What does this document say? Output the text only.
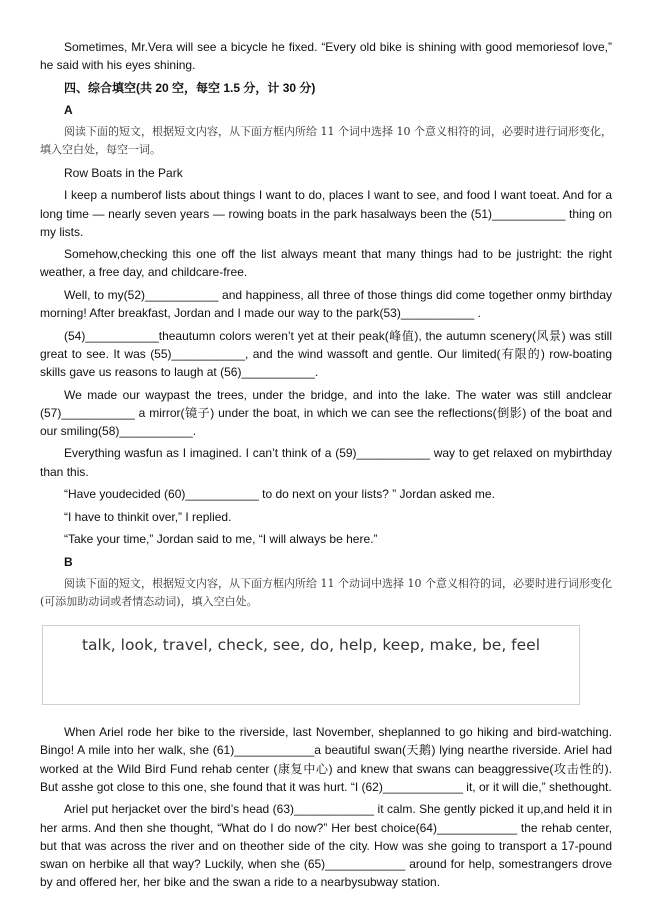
Sometimes, Mr.Vera will see a bicycle he fixed. “Every old bike is shining with good memoriesof love,” he said with his eyes shining.

四、综合填空(共 20 空，每空 1.5 分，计 30 分)

A

阅读下面的短文，根据短文内容，从下面方框内所给 11 个词中选择 10 个意义相符的词，必要时进行词形变化，填入空白处，每空一词。

Row Boats in the Park

I keep a numberof lists about things I want to do, places I want to see, and food I want toeat. And for a long time — nearly seven years — rowing boats in the park hasalways been the (51)___________ thing on my lists.

Somehow,checking this one off the list always meant that many things had to be justright: the right weather, a free day, and childcare-free.

Well, to my(52)___________ and happiness, all three of those things did come together onmy birthday morning! After breakfast, Jordan and I made our way to the park(53)___________ .

(54)___________theautumn colors weren’t yet at their peak(峰值), the autumn scenery(风景) was still great to see. It was (55)___________, and the wind wassoft and gentle. Our limited(有限的) row-boating skills gave us reasons to laugh at (56)___________.

We made our waypast the trees, under the bridge, and into the lake. The water was still andclear (57)___________ a mirror(镜子) under the boat, in which we can see the reflections(倒影) of the boat and our smiling(58)___________.

Everything wasfun as I imagined. I can’t think of a (59)___________ way to get relaxed on mybirthday than this.

“Have youdecided (60)___________ to do next on your lists? ” Jordan asked me.

“I have to thinkit over,” I replied.

“Take your time,” Jordan said to me, “I will always be here.”

B

阅读下面的短文，根据短文内容，从下面方框内所给 11 个动词中选择 10 个意义相符的词，必要时进行词形变化 (可添加助动词或者情态动词)，填入空白处。

talk, look, travel, check, see, do, help, keep, make, be, feel

When Ariel rode her bike to the riverside, last November, sheplanned to go hiking and bird-watching. Bingo! A mile into her walk, she (61)____________a beautiful swan(天鹅) lying nearthe riverside. Ariel had worked at the Wild Bird Fund rehab center (康复中心) and knew that swans can beaggressive(攻击性的). But asshe got close to this one, she found that it was hurt. “I (62)____________ it, or it will die,” shethought.

Ariel put herjacket over the bird’s head (63)____________ it calm. She gently picked it up,and held it in her arms. And then she thought, “What do I do now?” Her best choice(64)____________ the rehab center, but that was across the river and on theother side of the city. How was she going to transport a 17-pound swan on herbike all that way? Luckily, when she (65)____________ around for help, somestrangers drove by and offered her, her bike and the swan a ride to a nearbysubway station.
